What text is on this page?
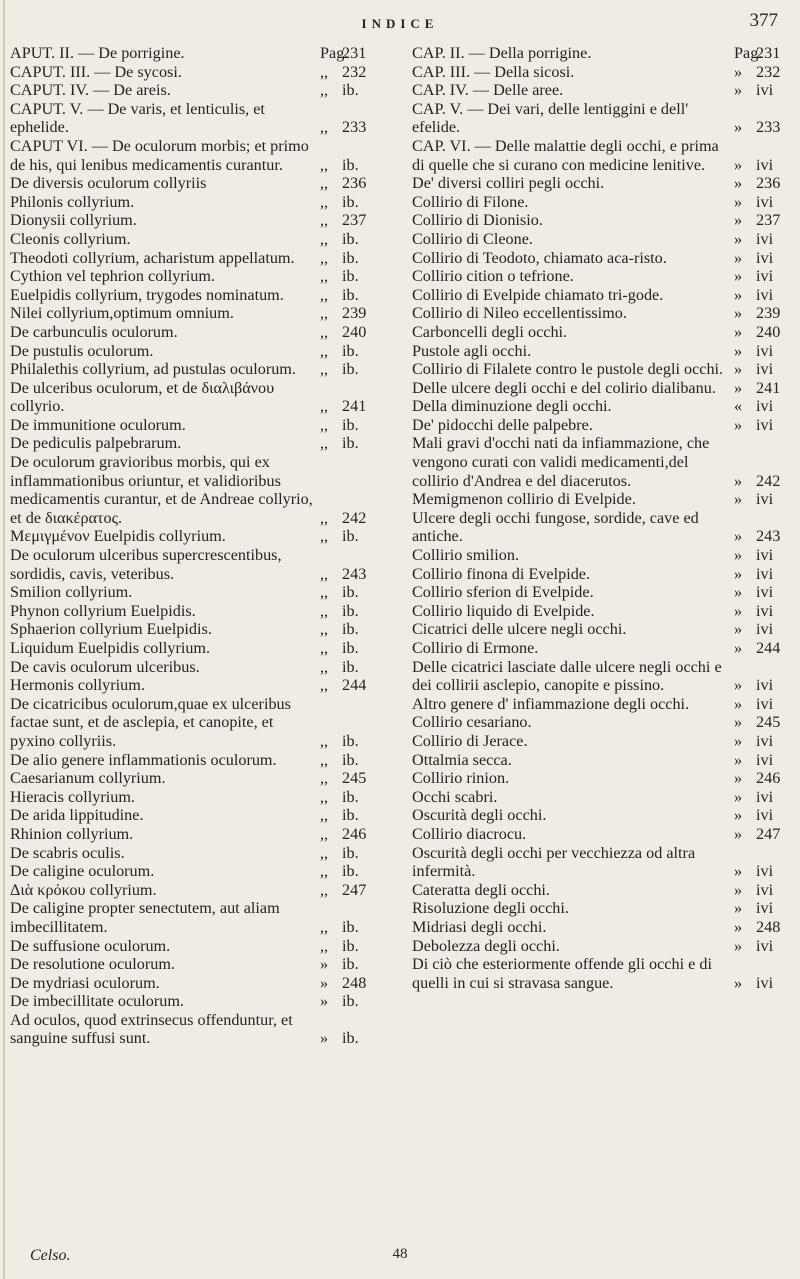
INDICE	377
APUT. II. — De porrigine.	Pag.231
CAPUT. III. — De sycosi.	,, 232
CAPUT. IV. — De areis.	,, ib.
CAPUT. V. — De varis, et lenticulis, et ephelide.	,, 233
CAPUT VI. — De oculorum morbis; et primo de his, qui lenibus medicamentis curantur.	,, ib.
De diversis oculorum collyriis	,, 236
Philonis collyrium.	,, ib.
Dionysii collyrium.	,, 237
Cleonis collyrium.	,, ib.
Theodoti collyrium, acharistum appellatum.	,, ib.
Cythion vel tephrion collyrium.	,, ib.
Euelpidis collyrium, trygodes nominatum.	,, ib.
Nilei collyrium,optimum omnium.	,, 239
De carbunculis oculorum.	,, 240
De pustulis oculorum.	,, ib.
Philalethis collyrium, ad pustulas oculorum.	,, ib.
De ulceribus oculorum, et de διαλιβάνου collyrio.	,, 241
De immunitione oculorum.	,, ib.
De pediculis palpebrarum.	,, ib.
De oculorum gravioribus morbis, qui ex inflammationibus oriuntur, et validioribus medicamentis curantur, et de Andreae collyrio, et de διακέρατος.	,, 242
Μεμιγμένον Euelpidis collyrium.	,, ib.
De oculorum ulceribus supercrescentibus, sordidis, cavis, veteribus.	,, 243
Smilion collyrium.	,, ib.
Phynon collyrium Euelpidis.	,, ib.
Sphaerion collyrium Euelpidis.	,, ib.
Liquidum Euelpidis collyrium.	,, ib.
De cavis oculorum ulceribus.	,, ib.
Hermonis collyrium.	,, 244
De cicatricibus oculorum,quae ex ulceribus factae sunt, et de asclepia, et canopite, et pyxino collyriis.	,, ib.
De alio genere inflammationis oculorum.	,, ib.
Caesarianum collyrium.	,, 245
Hieracis collyrium.	,, ib.
De arida lippitudine.	,, ib.
Rhinion collyrium.	,, 246
De scabris oculis.	,, ib.
De caligine oculorum.	,, ib.
Διὰ κρόκου collyrium.	,, 247
De caligine propter senectutem, aut aliam imbecillitatem.	,, ib.
De suffusione oculorum.	,, ib.
De resolutione oculorum.	» ib.
De mydriasi oculorum.	» 248
De imbecillitate oculorum.	» ib.
Ad oculos, quod extrinsecus offenduntur, et sanguine suffusi sunt.	» ib.
CAP. II. — Della porrigine.	Pag.231
CAP. III. — Della sicosi.	» 232
CAP. IV. — Delle aree.	» ivi
CAP. V. — Dei vari, delle lentiggini e dell' efelide.	» 233
CAP. VI. — Delle malattie degli occhi, e prima di quelle che si curano con medicine lenitive.	» ivi
De' diversi colliri pegli occhi.	» 236
Collirio di Filone.	» ivi
Collirio di Dionisio.	» 237
Collirio di Cleone.	» ivi
Collirio di Teodoto, chiamato aca-risto.	» ivi
Collirio cition o tefrione.	» ivi
Collirio di Evelpide chiamato tri-gode.	» ivi
Collirio di Nileo eccellentissimo.	» 239
Carboncelli degli occhi.	» 240
Pustole agli occhi.	» ivi
Collirio di Filalete contro le pustole degli occhi. » ivi
Delle ulcere degli occhi e del colirio dialibanu.	» 241
Della diminuzione degli occhi.	« ivi
De' pidocchi delle palpebre.	» ivi
Mali gravi d'occhi nati da infiammazione, che vengono curati con validi medicamenti,del collirio d'Andrea e del diacerutos.	» 242
Memigmenon collirio di Evelpide.	» ivi
Ulcere degli occhi fungose, sordide, cave ed antiche.	» 243
Collirio smilion.	» ivi
Collirio finona di Evelpide.	» ivi
Collirio sferion di Evelpide.	» ivi
Collirio liquido di Evelpide.	» ivi
Cicatrici delle ulcere negli occhi.	» ivi
Collirio di Ermone.	» 244
Delle cicatrici lasciate dalle ulcere negli occhi e dei collirii asclepio, canopite e pissino.	» ivi
Altro genere d' infiammazione degli occhi.	» ivi
Collirio cesariano.	» 245
Collirio di Jerace.	» ivi
Ottalmia secca.	» ivi
Collirio rinion.	» 246
Occhi scabri.	» ivi
Oscurità degli occhi.	» ivi
Collirio diacrocu.	» 247
Oscurità degli occhi per vecchiezza od altra infermità.	» ivi
Cateratta degli occhi.	» ivi
Risoluzione degli occhi.	» ivi
Midriasi degli occhi.	» 248
Debolezza degli occhi.	» ivi
Di ciò che esteriormente offende gli occhi e di quelli in cui si stravasa sangue.	» ivi
Celso.	48
